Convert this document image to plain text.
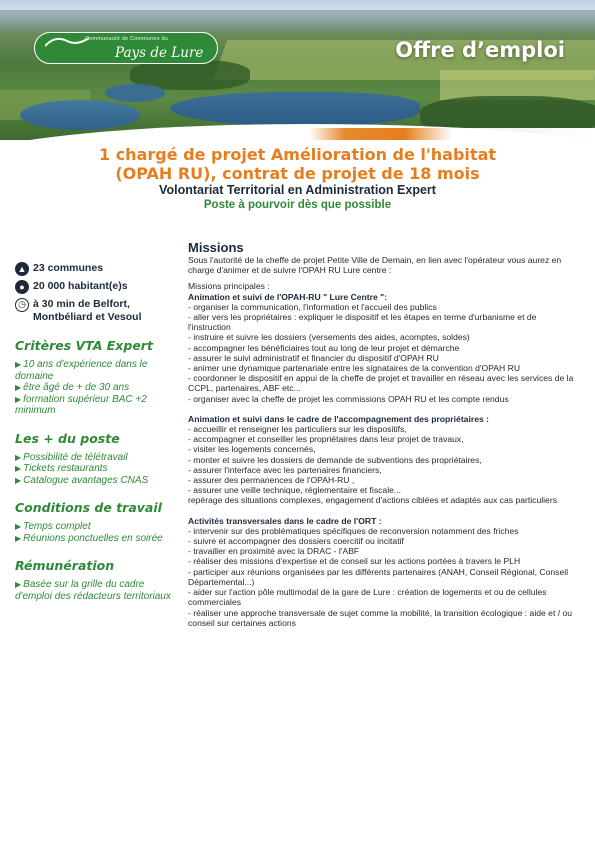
Communauté de Communes du
Pays de Lure	Offre d’emploi
1 chargé de projet Amélioration de l'habitat (OPAH RU), contrat de projet de 18 mois
Volontariat Territorial en Administration Expert
Poste à pourvoir dès que possible
▲ 23 communes
● 20 000 habitant(e)s
◷ à 30 min de Belfort, Montbéliard et Vesoul
Critères VTA Expert
▶ 10 ans d'expérience dans le domaine
▶ être âgé de + de 30 ans
▶ formation supérieur BAC +2 minimum
Les + du poste
▶ Possibilité de télétravail
▶ Tickets restaurants
▶ Catalogue avantages CNAS
Conditions de travail
▶ Temps complet
▶ Réunions ponctuelles en soirée
Rémunération
▶ Basée sur la grille du cadre d'emploi des rédacteurs territoriaux
Missions

Sous l'autorité de la cheffe de projet Petite Ville de Demain, en lien avec l'opérateur vous aurez en charge d'animer et de suivre l'OPAH RU Lure centre :

Missions principales :
Animation et suivi de l'OPAH-RU " Lure Centre ":
- organiser la communication, l'information et l'accueil des publics
- aller vers les propriétaires : expliquer le dispositif et les étapes en terme d'urbanisme et de l'instruction
- instruire et suivre les dossiers (versements des aides, acomptes, soldes)
- accompagner les bénéficiaires tout au long de leur projet et démarche
- assurer le suivi administratif et financier du dispositif d'OPAH RU
- animer une dynamique partenariale entre les signataires de la convention d'OPAH RU
- coordonner le dispositif en appui de la cheffe de projet et travailler en réseau avec les services de la CCPL, partenaires, ABF etc...
- organiser avec la cheffe de projet les commissions OPAH RU et les compte rendus
Animation et suivi dans le cadre de l'accompagnement des propriétaires :
- accueillir et renseigner les particuliers sur les dispositifs,
- accompagner et conseiller les propriétaires dans leur projet de travaux,
- visiter les logements concernés,
- monter et suivre les dossiers de demande de subventions des propriétaires,
- assurer l'interface avec les partenaires financiers,
- assurer des permanences de l'OPAH-RU ,
- assurer une veille technique, réglementaire et fiscale...
repérage des situations complexes, engagement d'actions ciblées et adaptés aux cas particuliers
Activités transversales dans le cadre de l'ORT :
- intervenir sur des problématiques spécifiques de reconversion notamment des friches
- suivre et accompagner des dossiers coercitif ou incitatif
- travailler en proximité avec la DRAC - l'ABF
- réaliser des missions d'expertise et de conseil sur les actions portées à travers le PLH
- participer aux réunions organisées par les différents partenaires (ANAH, Conseil Régional, Conseil Départemental...)
- aider sur l'action pôle multimodal de la gare de Lure : création de logements et ou de cellules commerciales
- réaliser une approche transversale de sujet comme la mobilité, la transition écologique : aide et / ou conseil sur certaines actions
